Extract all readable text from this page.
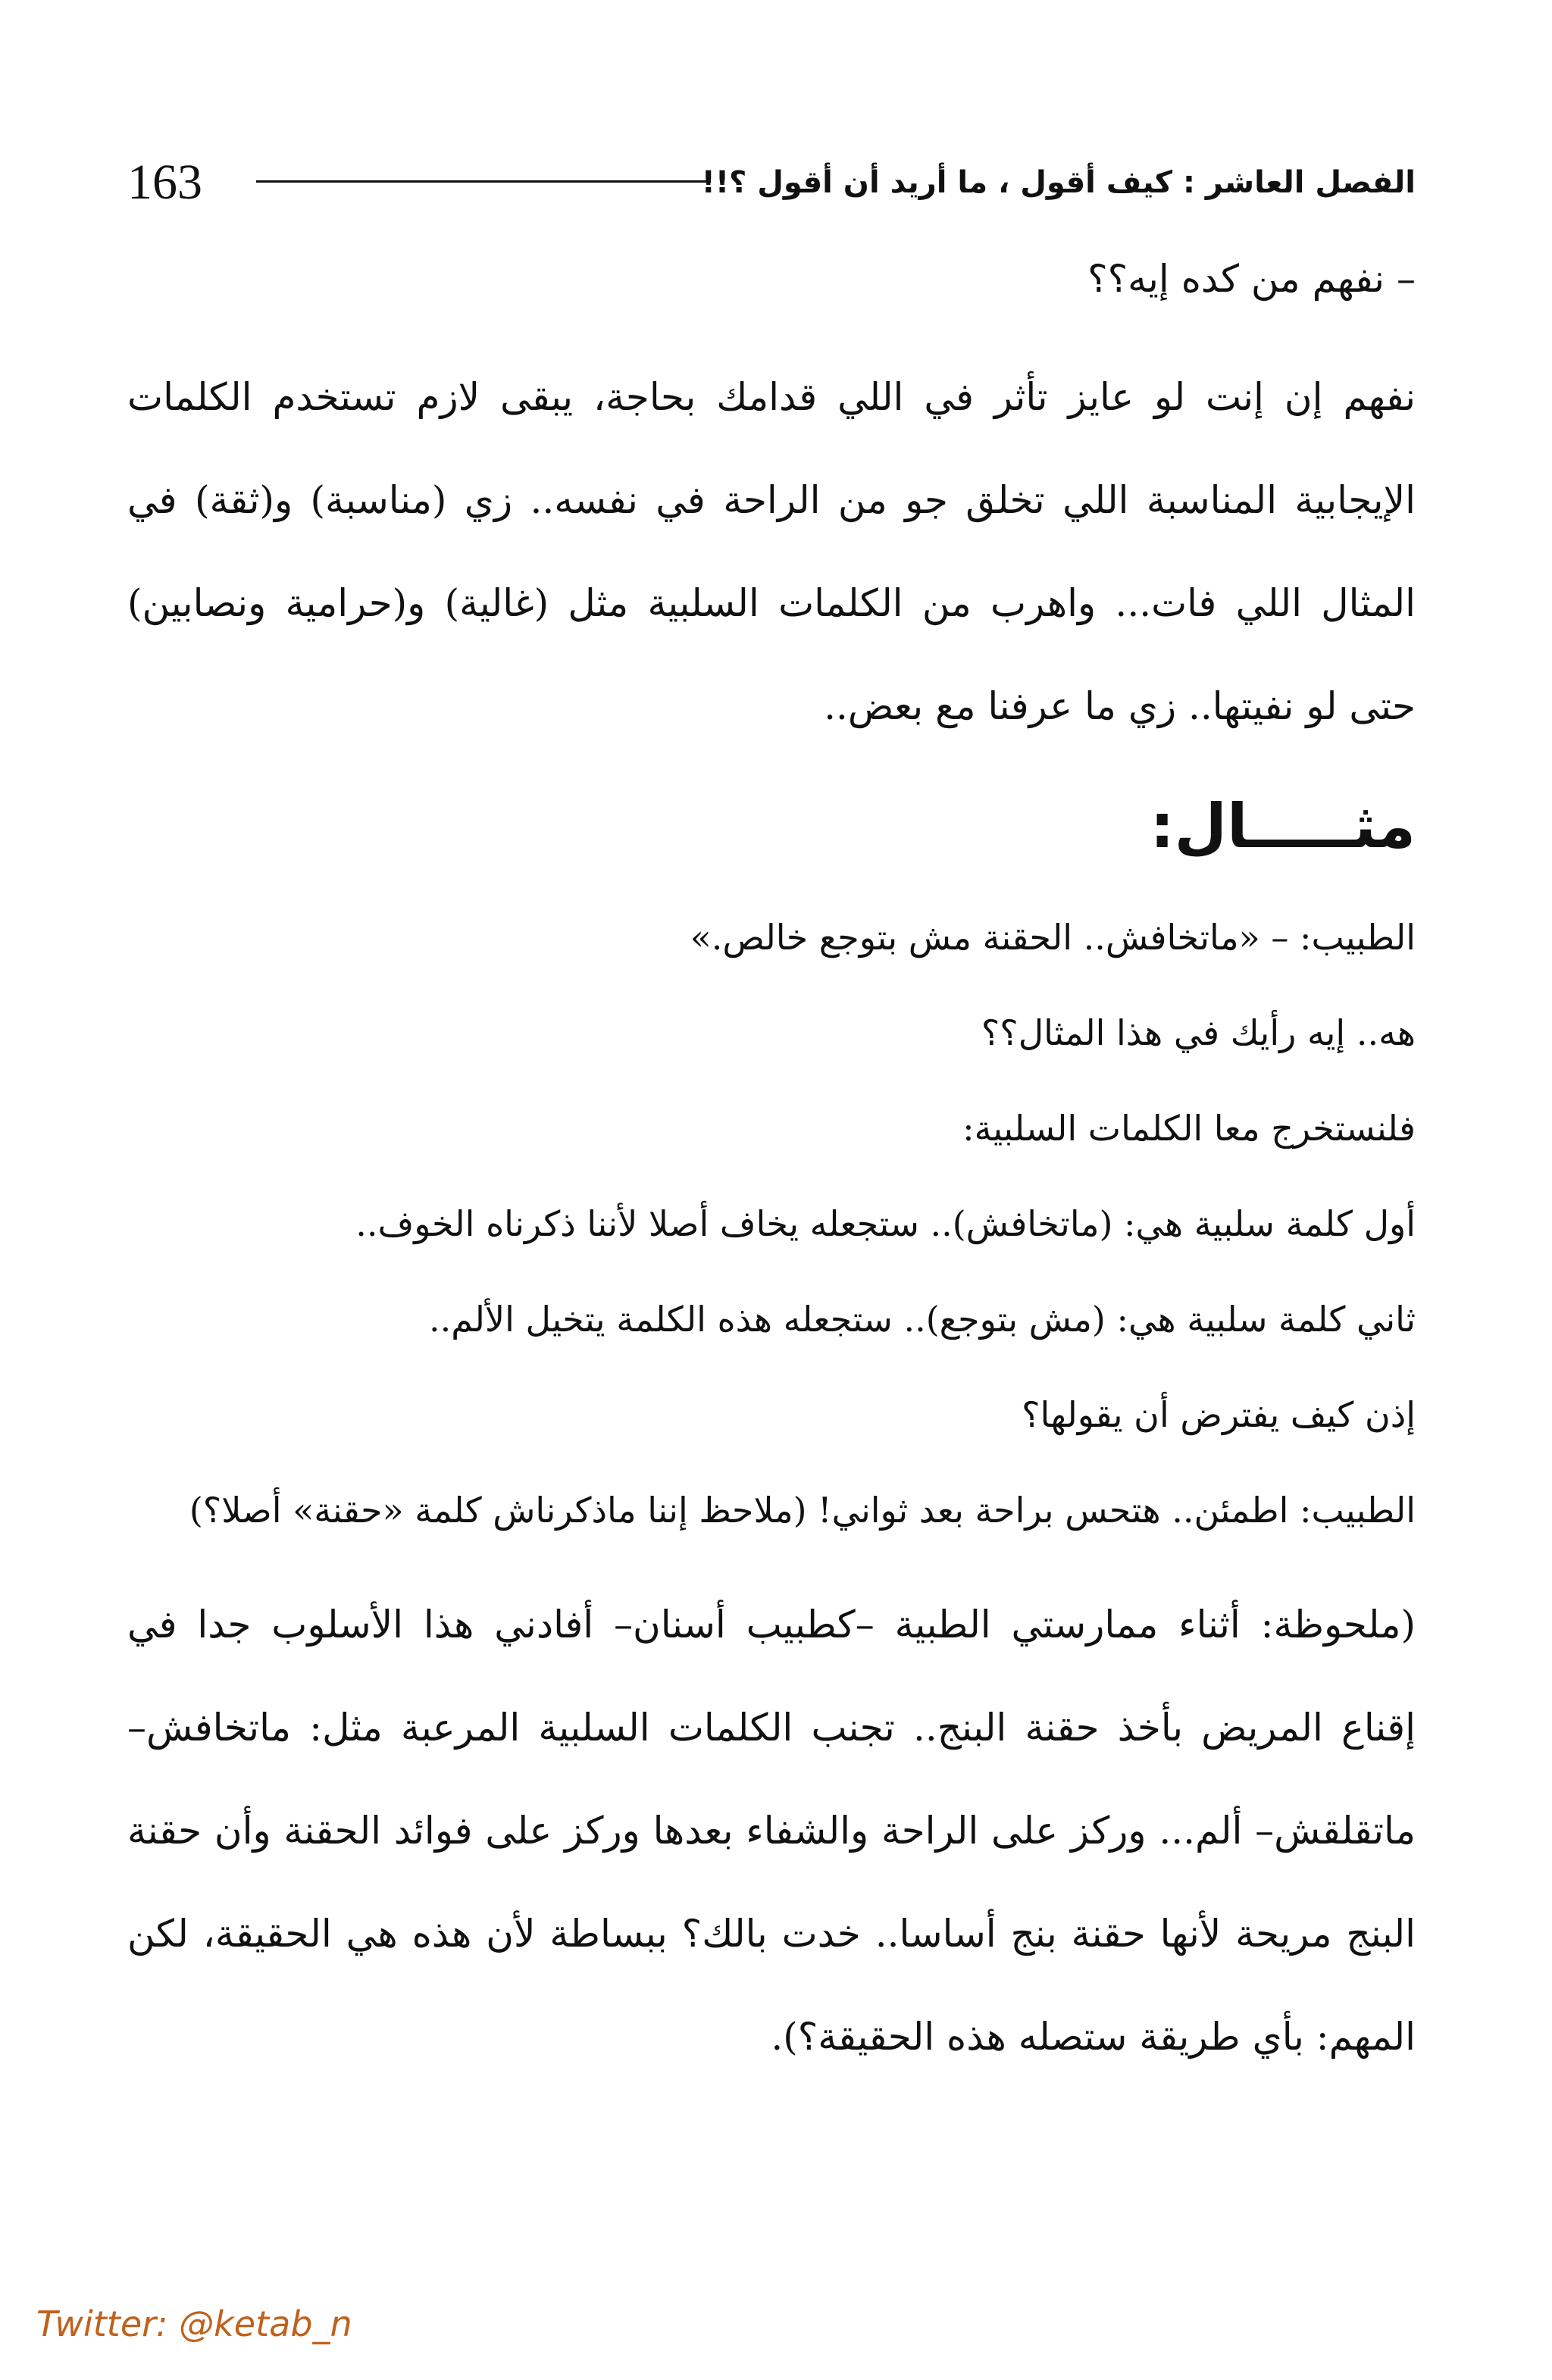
163	الفصل العاشر : كيف أقول ، ما أريد أن أقول ؟!!

– نفهم من كده إيه؟؟

نفهم إن إنت لو عايز تأثر في اللي قدامك بحاجة، يبقى لازم تستخدم الكلمات الإيجابية المناسبة اللي تخلق جو من الراحة في نفسه.. زي (مناسبة) و(ثقة) في المثال اللي فات... واهرب من الكلمات السلبية مثل (غالية) و(حرامية ونصابين) حتى لو نفيتها.. زي ما عرفنا مع بعض..

مثـــــال:

الطبيب: – «ماتخافش.. الحقنة مش بتوجع خالص.»

هه.. إيه رأيك في هذا المثال؟؟

فلنستخرج معا الكلمات السلبية:

أول كلمة سلبية هي: (ماتخافش).. ستجعله يخاف أصلا لأننا ذكرناه الخوف..

ثاني كلمة سلبية هي: (مش بتوجع).. ستجعله هذه الكلمة يتخيل الألم..

إذن كيف يفترض أن يقولها؟

الطبيب: اطمئن.. هتحس براحة بعد ثواني! (ملاحظ إننا ماذكرناش كلمة «حقنة» أصلا؟)

(ملحوظة: أثناء ممارستي الطبية –كطبيب أسنان– أفادني هذا الأسلوب جدا في إقناع المريض بأخذ حقنة البنج.. تجنب الكلمات السلبية المرعبة مثل: ماتخافش– ماتقلقش– ألم... وركز على الراحة والشفاء بعدها وركز على فوائد الحقنة وأن حقنة البنج مريحة لأنها حقنة بنج أساسا.. خدت بالك؟ ببساطة لأن هذه هي الحقيقة، لكن المهم: بأي طريقة ستصله هذه الحقيقة؟).

Twitter: @ketab_n
